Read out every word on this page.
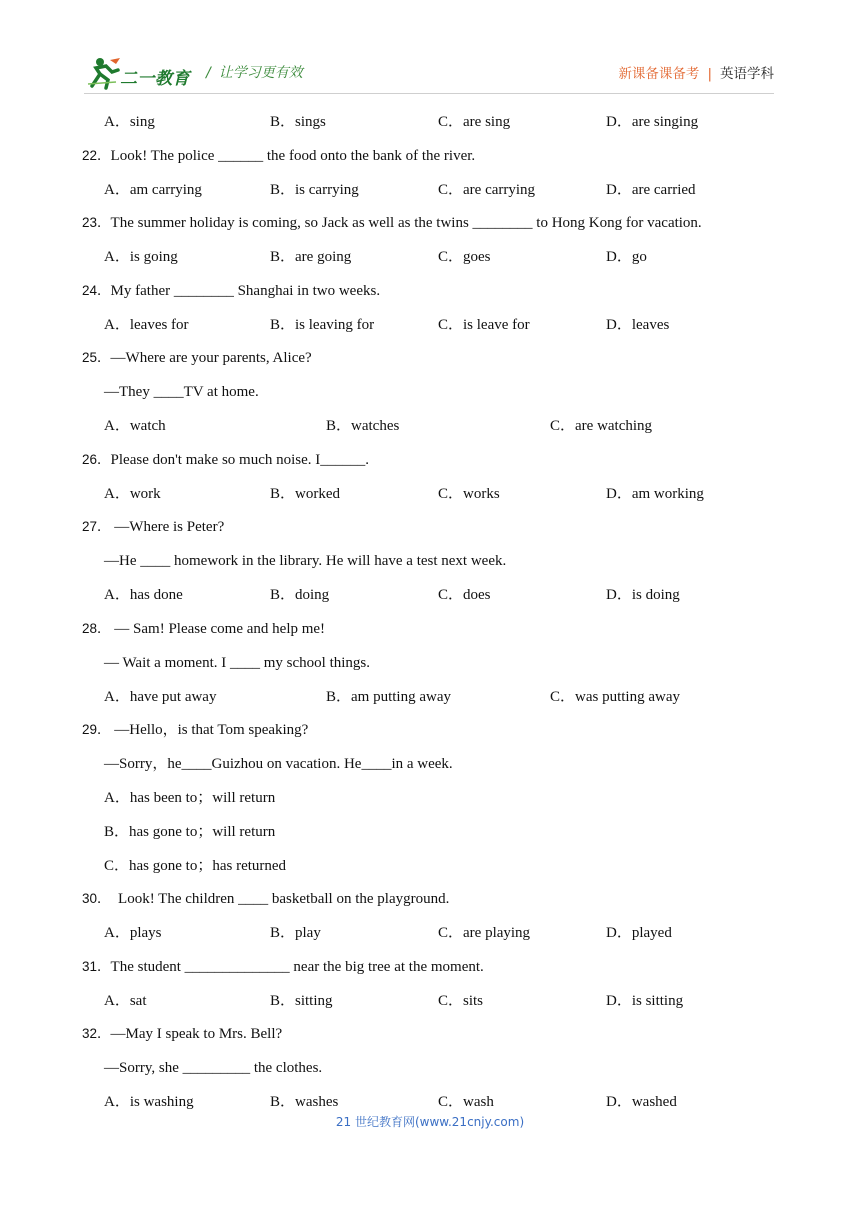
二一教育 / 让学习更有效	新课备课备考 | 英语学科
A．sing	B．sings	C．are sing	D．are singing
22．Look! The police ______ the food onto the bank of the river.
A．am carrying	B．is carrying	C．are carrying	D．are carried
23．The summer holiday is coming, so Jack as well as the twins ________ to Hong Kong for vacation.
A．is going	B．are going	C．goes	D．go
24．My father ________ Shanghai in two weeks.
A．leaves for	B．is leaving for	C．is leave for	D．leaves
25．—Where are your parents, Alice?
—They ____TV at home.
A．watch	B．watches	C．are watching
26．Please don't make so much noise. I______.
A．work	B．worked	C．works	D．am working
27． —Where is Peter?
—He ____ homework in the library. He will have a test next week.
A．has done	B．doing	C．does	D．is doing
28． — Sam! Please come and help me!
— Wait a moment. I ____ my school things.
A．have put away	B．am putting away	C．was putting away
29． —Hello，is that Tom speaking?
—Sorry，he____Guizhou on vacation. He____in a week.
A．has been to；will return
B．has gone to；will return
C．has gone to；has returned
30．  Look! The children ____ basketball on the playground.
A．plays	B．play	C．are playing	D．played
31．The student ______________ near the big tree at the moment.
A．sat	B．sitting	C．sits	D．is sitting
32．—May I speak to Mrs. Bell?
—Sorry, she _________ the clothes.
A．is washing	B．washes	C．wash	D．washed
21 世纪教育网(www.21cnjy.com)
